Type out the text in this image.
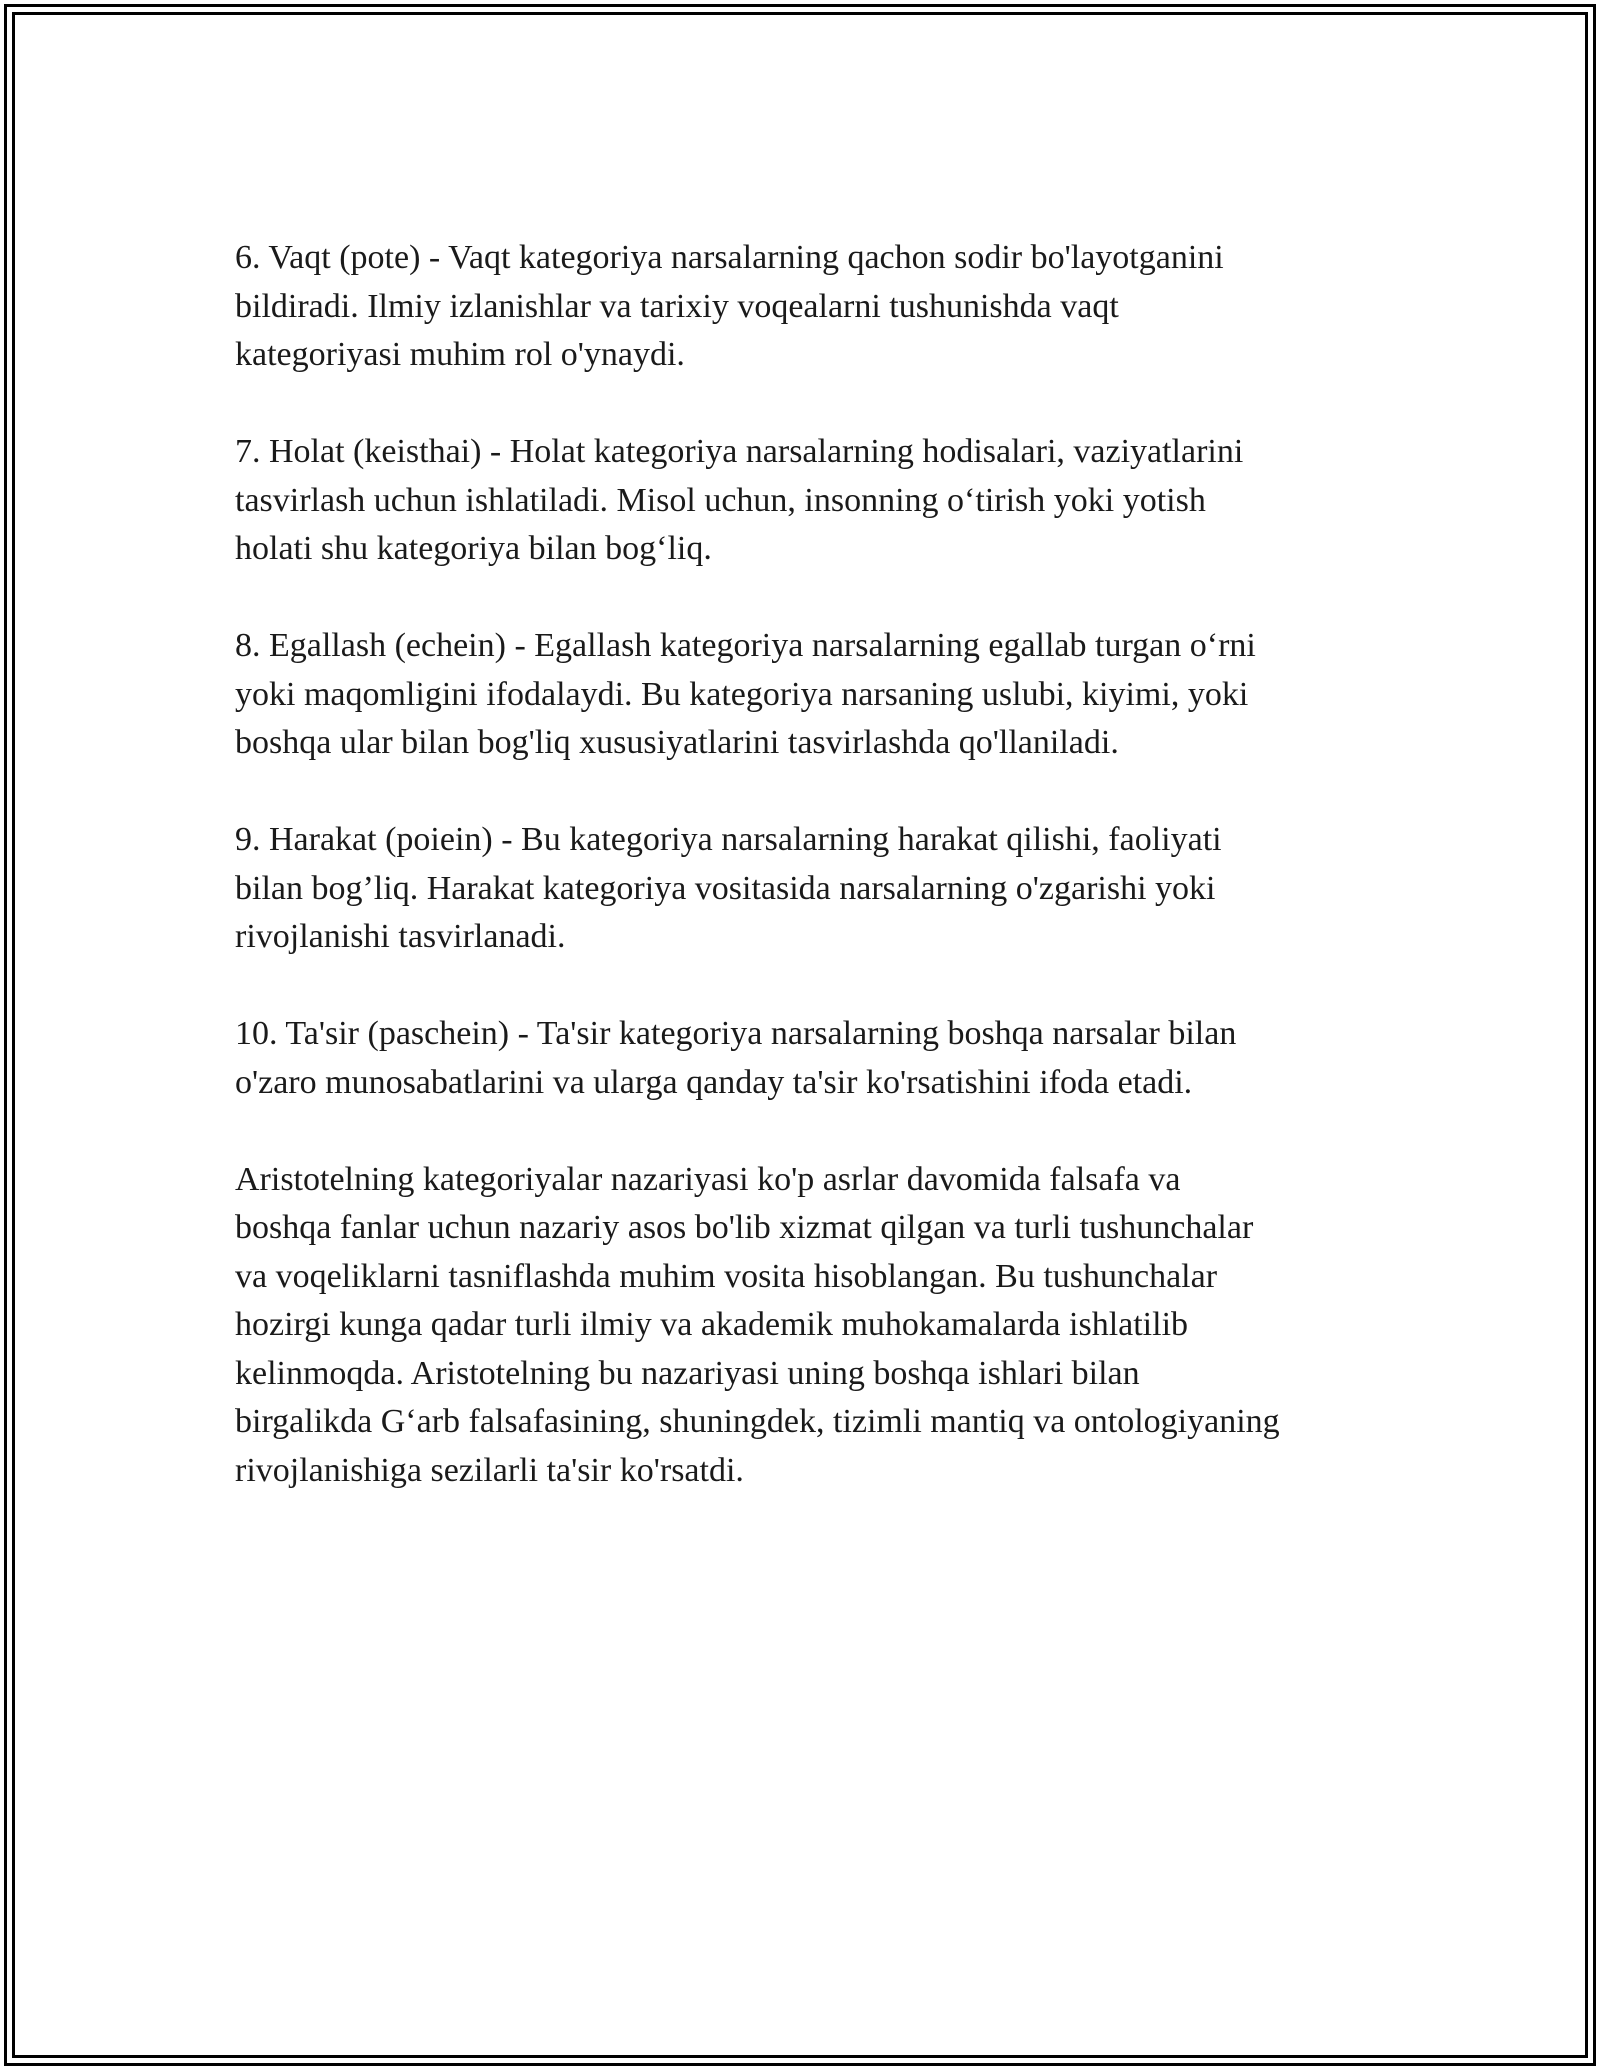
6. Vaqt (pote) - Vaqt kategoriya narsalarning qachon sodir bo'layotganini
bildiradi. Ilmiy izlanishlar va tarixiy voqealarni tushunishda vaqt
kategoriyasi muhim rol o'ynaydi.

7. Holat (keisthai) - Holat kategoriya narsalarning hodisalari, vaziyatlarini
tasvirlash uchun ishlatiladi. Misol uchun, insonning o‘tirish yoki yotish
holati shu kategoriya bilan bog‘liq.

8. Egallash (echein) - Egallash kategoriya narsalarning egallab turgan o‘rni
yoki maqomligini ifodalaydi. Bu kategoriya narsaning uslubi, kiyimi, yoki
boshqa ular bilan bog'liq xususiyatlarini tasvirlashda qo'llaniladi.

9. Harakat (poiein) - Bu kategoriya narsalarning harakat qilishi, faoliyati
bilan bog’liq. Harakat kategoriya vositasida narsalarning o'zgarishi yoki
rivojlanishi tasvirlanadi.

10. Ta'sir (paschein) - Ta'sir kategoriya narsalarning boshqa narsalar bilan
o'zaro munosabatlarini va ularga qanday ta'sir ko'rsatishini ifoda etadi.

Aristotelning kategoriyalar nazariyasi ko'p asrlar davomida falsafa va
boshqa fanlar uchun nazariy asos bo'lib xizmat qilgan va turli tushunchalar
va voqeliklarni tasniflashda muhim vosita hisoblangan. Bu tushunchalar
hozirgi kunga qadar turli ilmiy va akademik muhokamalarda ishlatilib
kelinmoqda. Aristotelning bu nazariyasi uning boshqa ishlari bilan
birgalikda G‘arb falsafasining, shuningdek, tizimli mantiq va ontologiyaning
rivojlanishiga sezilarli ta'sir ko'rsatdi.
